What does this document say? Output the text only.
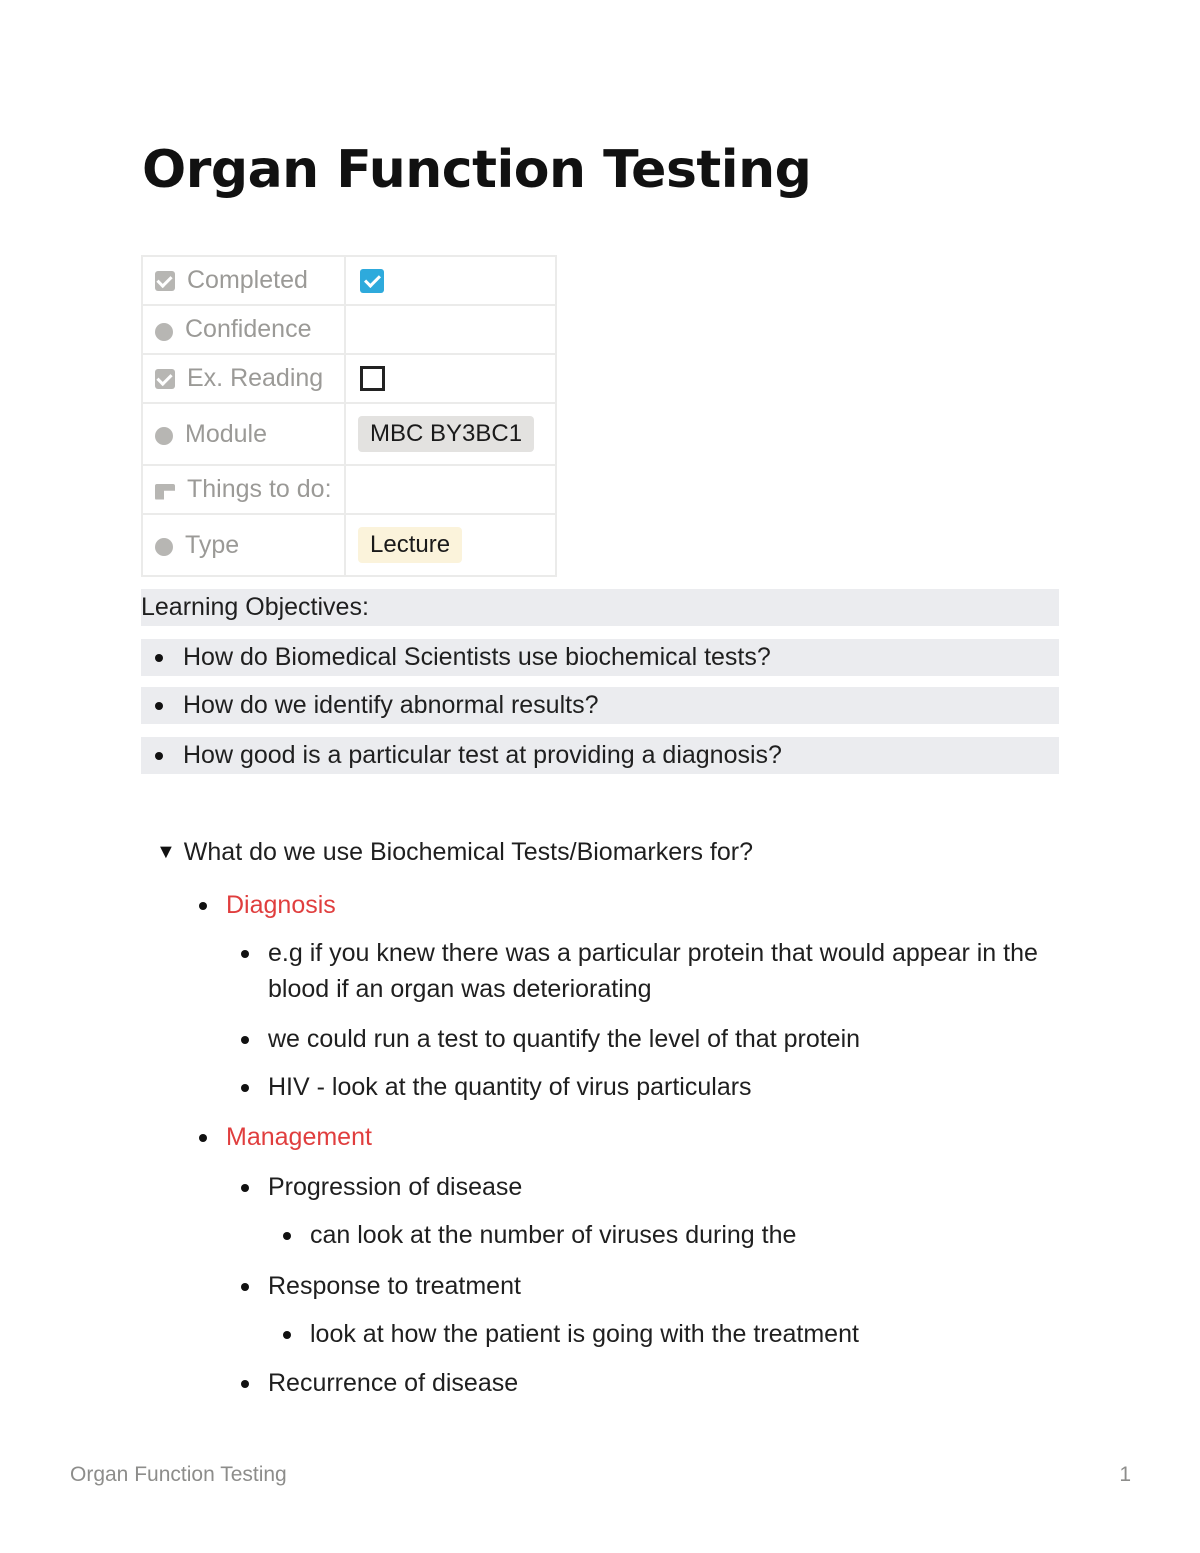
Organ Function Testing
Completed	

Confidence	

Ex. Reading	

Module	MBC BY3BC1

Things to do:	

Type	Lecture
Learning Objectives:
How do Biomedical Scientists use biochemical tests?
How do we identify abnormal results?
How good is a particular test at providing a diagnosis?
▼ What do we use Biochemical Tests/Biomarkers for?
Diagnosis
e.g if you knew there was a particular protein that would appear in the blood if an organ was deteriorating
we could run a test to quantify the level of that protein
HIV - look at the quantity of virus particulars
Management
Progression of disease
can look at the number of viruses during the
Response to treatment
look at how the patient is going with the treatment
Recurrence of disease
Organ Function Testing	1
